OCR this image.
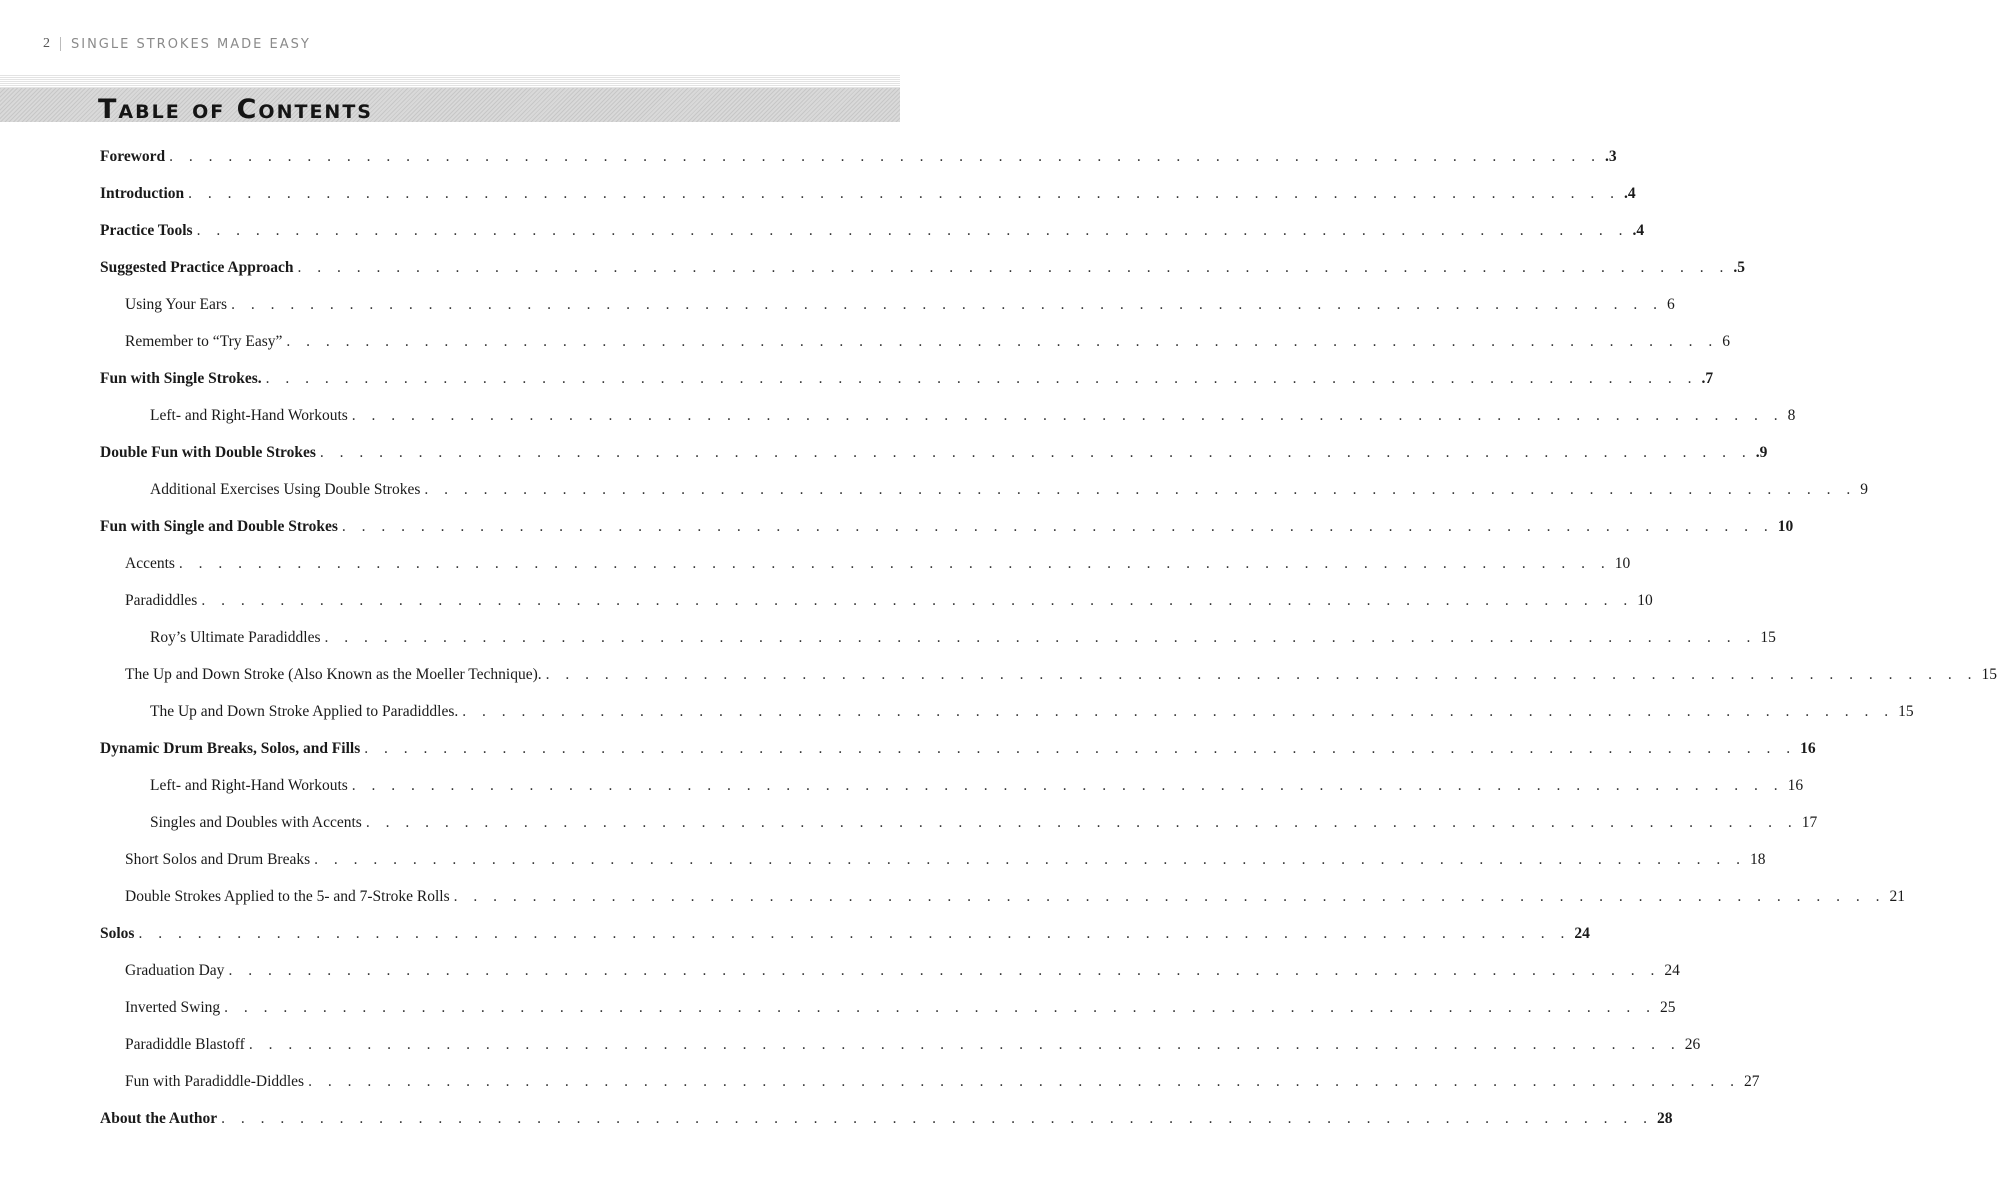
2 SINGLE STROKES MADE EASY
Table of Contents
Foreword . . . . . . . . . . . . . . . . . . . . . . . . . . . . . . . . . . . . . . . . . . . . . . . . . . . . . . . . . . . . . . . . . . . . . . . . . .3
Introduction . . . . . . . . . . . . . . . . . . . . . . . . . . . . . . . . . . . . . . . . . . . . . . . . . . . . . . . . . . . . . . . . . . . . . . . . . .4
Practice Tools . . . . . . . . . . . . . . . . . . . . . . . . . . . . . . . . . . . . . . . . . . . . . . . . . . . . . . . . . . . . . . . . . . . . . . . . . .4
Suggested Practice Approach . . . . . . . . . . . . . . . . . . . . . . . . . . . . . . . . . . . . . . . . . . . . . . . . . . . . . . . . . . . . . . . . . . . . . . . . . .5
Using Your Ears . . . . . . . . . . . . . . . . . . . . . . . . . . . . . . . . . . . . . . . . . . . . . . . . . . . . . . . . . . . . . . . . . . . . . . . . . 6
Remember to “Try Easy” . . . . . . . . . . . . . . . . . . . . . . . . . . . . . . . . . . . . . . . . . . . . . . . . . . . . . . . . . . . . . . . . . . . . . . . . . 6
Fun with Single Strokes. . . . . . . . . . . . . . . . . . . . . . . . . . . . . . . . . . . . . . . . . . . . . . . . . . . . . . . . . . . . . . . . . . . . . . . . . . .7
Left- and Right-Hand Workouts . . . . . . . . . . . . . . . . . . . . . . . . . . . . . . . . . . . . . . . . . . . . . . . . . . . . . . . . . . . . . . . . . . . . . . . . . 8
Double Fun with Double Strokes . . . . . . . . . . . . . . . . . . . . . . . . . . . . . . . . . . . . . . . . . . . . . . . . . . . . . . . . . . . . . . . . . . . . . . . . . .9
Additional Exercises Using Double Strokes . . . . . . . . . . . . . . . . . . . . . . . . . . . . . . . . . . . . . . . . . . . . . . . . . . . . . . . . . . . . . . . . . . . . . . . . . 9
Fun with Single and Double Strokes . . . . . . . . . . . . . . . . . . . . . . . . . . . . . . . . . . . . . . . . . . . . . . . . . . . . . . . . . . . . . . . . . . . . . . . . . 10
Accents . . . . . . . . . . . . . . . . . . . . . . . . . . . . . . . . . . . . . . . . . . . . . . . . . . . . . . . . . . . . . . . . . . . . . . . . . 10
Paradiddles . . . . . . . . . . . . . . . . . . . . . . . . . . . . . . . . . . . . . . . . . . . . . . . . . . . . . . . . . . . . . . . . . . . . . . . . . 10
Roy’s Ultimate Paradiddles . . . . . . . . . . . . . . . . . . . . . . . . . . . . . . . . . . . . . . . . . . . . . . . . . . . . . . . . . . . . . . . . . . . . . . . . . 15
The Up and Down Stroke (Also Known as the Moeller Technique). . . . . . . . . . . . . . . . . . . . . . . . . . . . . . . . . . . . . . . . . . . . . . . . . . . . . . . . . . . . . . . . . . . . . . . . . . 15
The Up and Down Stroke Applied to Paradiddles. . . . . . . . . . . . . . . . . . . . . . . . . . . . . . . . . . . . . . . . . . . . . . . . . . . . . . . . . . . . . . . . . . . . . . . . . . 15
Dynamic Drum Breaks, Solos, and Fills . . . . . . . . . . . . . . . . . . . . . . . . . . . . . . . . . . . . . . . . . . . . . . . . . . . . . . . . . . . . . . . . . . . . . . . . . 16
Left- and Right-Hand Workouts . . . . . . . . . . . . . . . . . . . . . . . . . . . . . . . . . . . . . . . . . . . . . . . . . . . . . . . . . . . . . . . . . . . . . . . . . 16
Singles and Doubles with Accents . . . . . . . . . . . . . . . . . . . . . . . . . . . . . . . . . . . . . . . . . . . . . . . . . . . . . . . . . . . . . . . . . . . . . . . . . 17
Short Solos and Drum Breaks . . . . . . . . . . . . . . . . . . . . . . . . . . . . . . . . . . . . . . . . . . . . . . . . . . . . . . . . . . . . . . . . . . . . . . . . . 18
Double Strokes Applied to the 5- and 7-Stroke Rolls . . . . . . . . . . . . . . . . . . . . . . . . . . . . . . . . . . . . . . . . . . . . . . . . . . . . . . . . . . . . . . . . . . . . . . . . . 21
Solos . . . . . . . . . . . . . . . . . . . . . . . . . . . . . . . . . . . . . . . . . . . . . . . . . . . . . . . . . . . . . . . . . . . . . . . . . 24
Graduation Day . . . . . . . . . . . . . . . . . . . . . . . . . . . . . . . . . . . . . . . . . . . . . . . . . . . . . . . . . . . . . . . . . . . . . . . . . 24
Inverted Swing . . . . . . . . . . . . . . . . . . . . . . . . . . . . . . . . . . . . . . . . . . . . . . . . . . . . . . . . . . . . . . . . . . . . . . . . . 25
Paradiddle Blastoff . . . . . . . . . . . . . . . . . . . . . . . . . . . . . . . . . . . . . . . . . . . . . . . . . . . . . . . . . . . . . . . . . . . . . . . . . 26
Fun with Paradiddle-Diddles . . . . . . . . . . . . . . . . . . . . . . . . . . . . . . . . . . . . . . . . . . . . . . . . . . . . . . . . . . . . . . . . . . . . . . . . . 27
About the Author . . . . . . . . . . . . . . . . . . . . . . . . . . . . . . . . . . . . . . . . . . . . . . . . . . . . . . . . . . . . . . . . . . . . . . . . . 28
